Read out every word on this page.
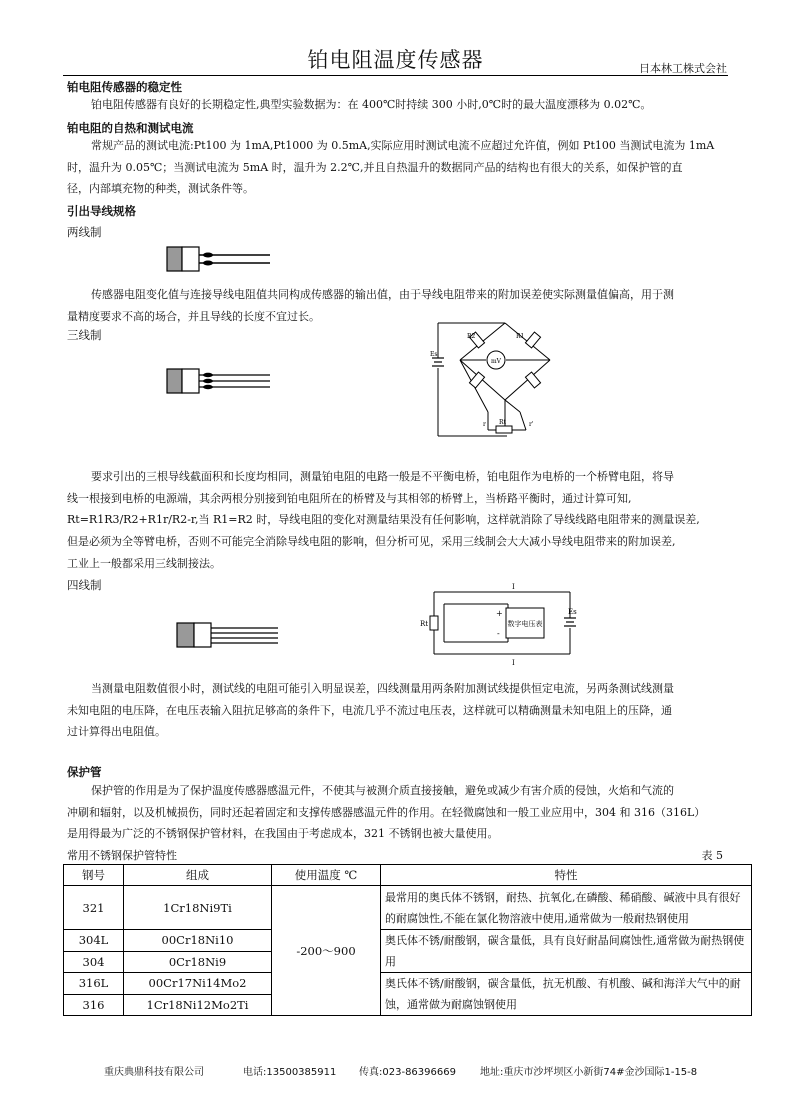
铂电阻温度传感器	日本林工株式会社
铂电阻传感器的稳定性
铂电阻传感器有良好的长期稳定性,典型实验数据为：在 400℃时持续 300 小时,0℃时的最大温度漂移为 0.02℃。
铂电阻的自热和测试电流
常规产品的测试电流:Pt100 为 1mA,Pt1000 为 0.5mA,实际应用时测试电流不应超过允许值，例如 Pt100 当测试电流为 1mA
时，温升为 0.05℃；当测试电流为 5mA 时，温升为 2.2℃,并且自热温升的数据同产品的结构也有很大的关系，如保护管的直
径，内部填充物的种类，测试条件等。
引出导线规格
两线制
传感器电阻变化值与连接导线电阻值共同构成传感器的输出值，由于导线电阻带来的附加误差使实际测量值偏高，用于测
量精度要求不高的场合，并且导线的长度不宜过长。
三线制
mV
R2	R1
Es
Rt
r	r'
要求引出的三根导线截面积和长度均相同，测量铂电阻的电路一般是不平衡电桥，铂电阻作为电桥的一个桥臂电阻，将导
线一根接到电桥的电源端，其余两根分别接到铂电阻所在的桥臂及与其相邻的桥臂上，当桥路平衡时，通过计算可知,
Rt=R1R3/R2+R1r/R2-r,当 R1=R2 时，导线电阻的变化对测量结果没有任何影响，这样就消除了导线线路电阻带来的测量误差,
但是必须为全等臂电桥，否则不可能完全消除导线电阻的影响，但分析可见，采用三线制会大大减小导线电阻带来的附加误差,
工业上一般都采用三线制接法。
四线制
数字电压表
I
I
Rt
Es
+
-
当测量电阻数值很小时，测试线的电阻可能引入明显误差，四线测量用两条附加测试线提供恒定电流，另两条测试线测量
未知电阻的电压降，在电压表输入阻抗足够高的条件下，电流几乎不流过电压表，这样就可以精确测量未知电阻上的压降，通
过计算得出电阻值。
保护管
保护管的作用是为了保护温度传感器感温元件，不使其与被测介质直接接触，避免或减少有害介质的侵蚀，火焰和气流的
冲刷和辐射，以及机械损伤，同时还起着固定和支撑传感器感温元件的作用。在轻微腐蚀和一般工业应用中，304 和 316（316L）
是用得最为广泛的不锈钢保护管材料，在我国由于考虑成本，321 不锈钢也被大量使用。
常用不锈钢保护管特性	表 5
钢号	组成	使用温度 ℃	特性
321	1Cr18Ni9Ti	-200～900	最常用的奥氏体不锈钢，耐热、抗氧化,在磷酸、稀硝酸、碱液中具有很好的耐腐蚀性,不能在氯化物溶液中使用,通常做为一般耐热钢使用
304L	00Cr18Ni10		奥氏体不锈/耐酸钢，碳含量低，具有良好耐晶间腐蚀性,通常做为耐热钢使用
304	0Cr18Ni9		
316L	00Cr17Ni14Mo2		奥氏体不锈/耐酸钢，碳含量低，抗无机酸、有机酸、碱和海洋大气中的耐蚀，通常做为耐腐蚀钢使用
316	1Cr18Ni12Mo2Ti		
重庆典鼎科技有限公司	电话:13500385911 传真:023-86396669 地址:重庆市沙坪坝区小新街74#金沙国际1-15-8
